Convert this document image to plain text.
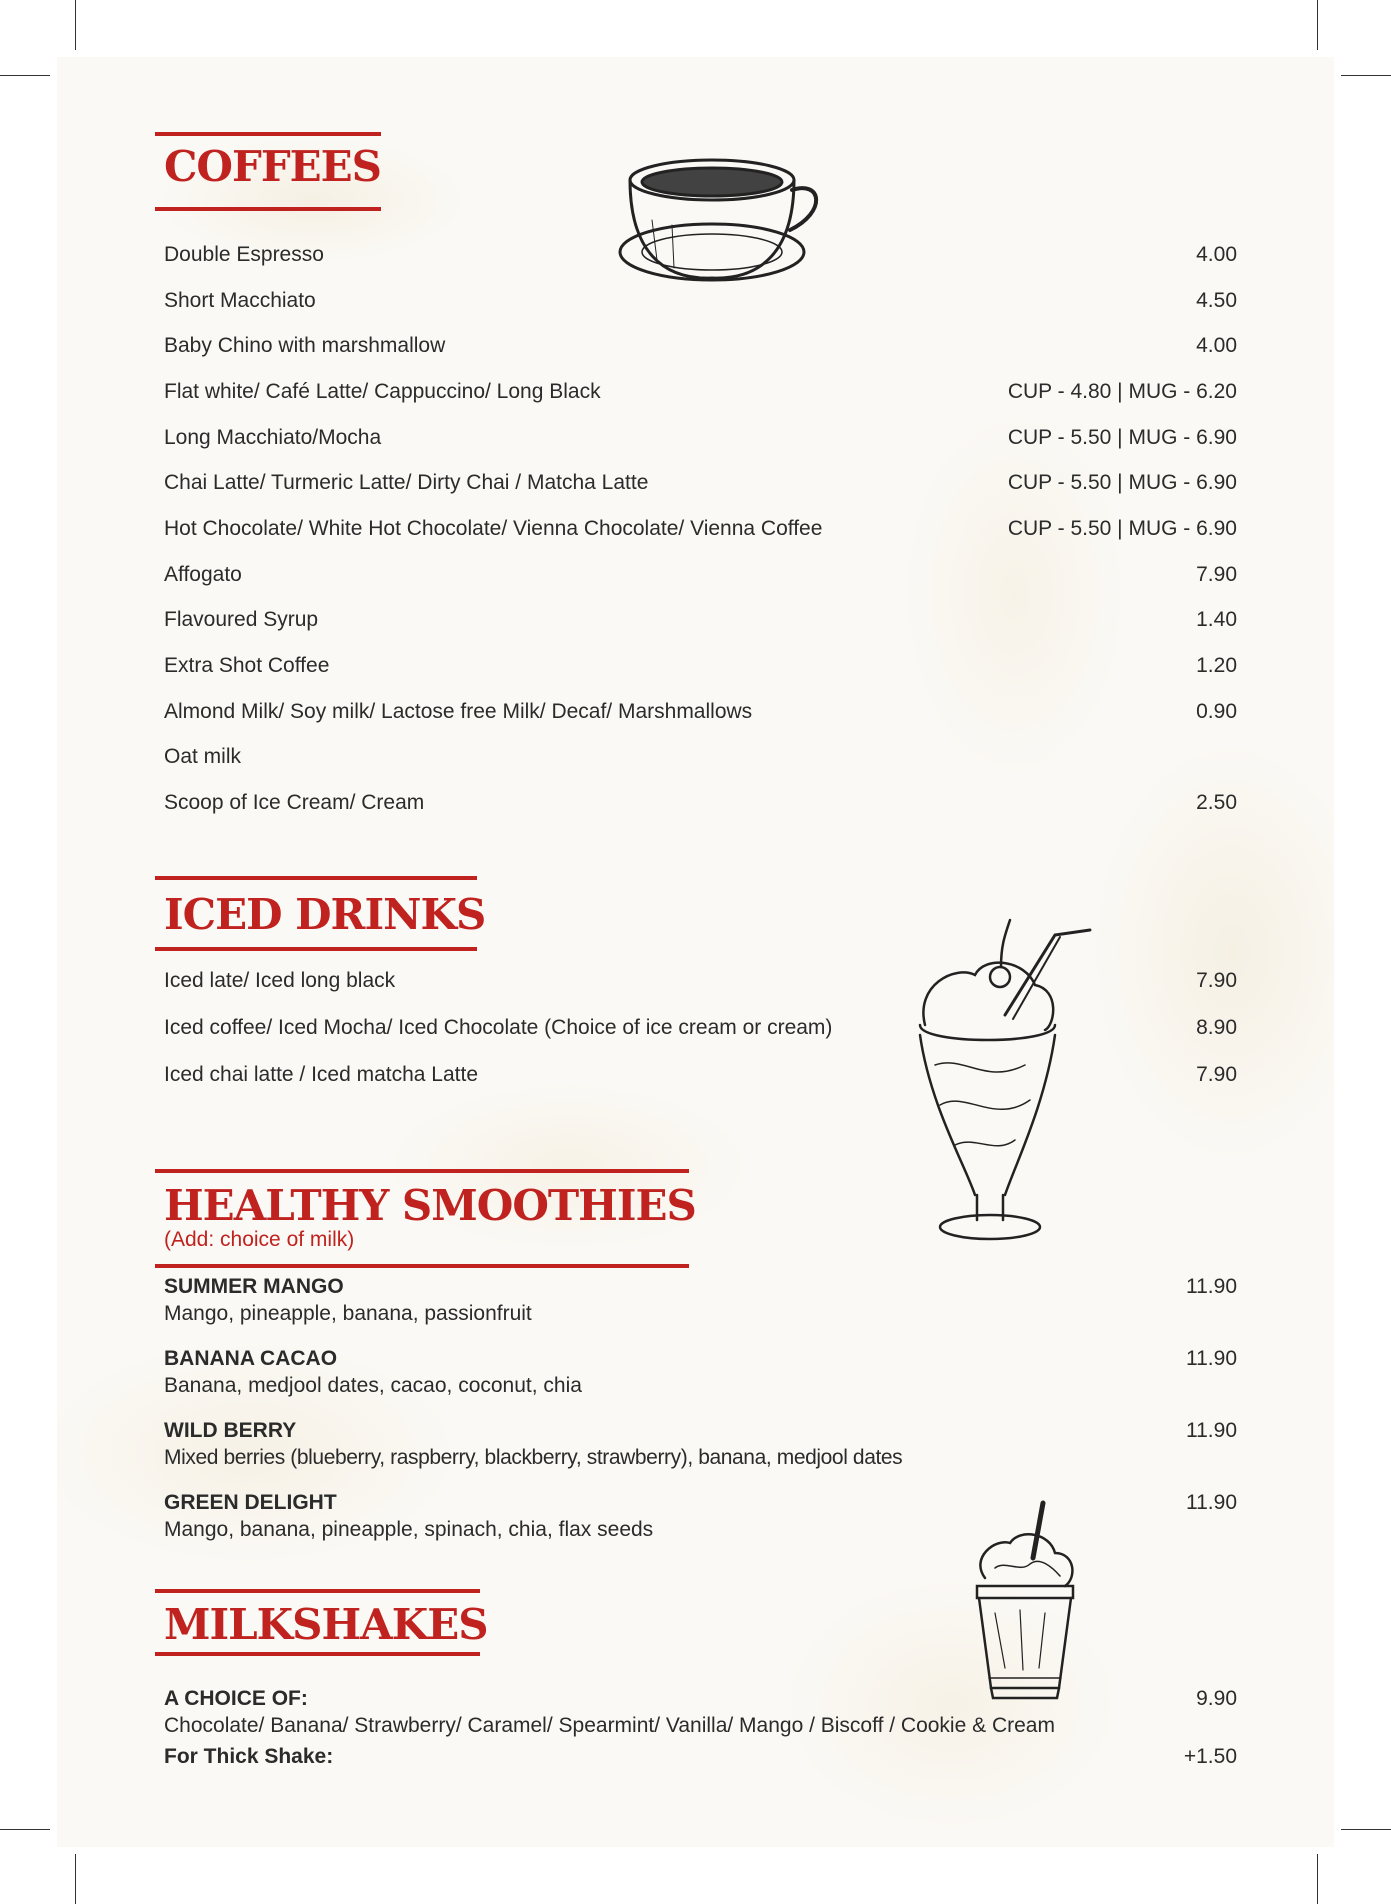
COFFEES
Double Espresso	4.00
Short Macchiato	4.50
Baby Chino with marshmallow	4.00
Flat white/ Café Latte/ Cappuccino/ Long Black	CUP - 4.80 | MUG - 6.20
Long Macchiato/Mocha	CUP - 5.50 | MUG - 6.90
Chai Latte/ Turmeric Latte/ Dirty Chai / Matcha Latte	CUP - 5.50 | MUG - 6.90
Hot Chocolate/ White Hot Chocolate/ Vienna Chocolate/ Vienna Coffee	CUP - 5.50 | MUG - 6.90
Affogato	7.90
Flavoured Syrup	1.40
Extra Shot Coffee	1.20
Almond Milk/ Soy milk/ Lactose free Milk/ Decaf/ Marshmallows	0.90
Oat milk
Scoop of Ice Cream/ Cream	2.50
ICED DRINKS
Iced late/ Iced long black	7.90
Iced coffee/ Iced Mocha/ Iced Chocolate (Choice of ice cream or cream)	8.90
Iced chai latte / Iced matcha Latte	7.90
HEALTHY SMOOTHIES
(Add: choice of milk)
SUMMER MANGO	11.90
Mango, pineapple, banana, passionfruit
BANANA CACAO	11.90
Banana, medjool dates, cacao, coconut, chia
WILD BERRY	11.90
Mixed berries (blueberry, raspberry, blackberry, strawberry), banana, medjool dates
GREEN DELIGHT	11.90
Mango, banana, pineapple, spinach, chia, flax seeds
MILKSHAKES
A CHOICE OF:	9.90
Chocolate/ Banana/ Strawberry/ Caramel/ Spearmint/ Vanilla/ Mango / Biscoff / Cookie & Cream
For Thick Shake:	+1.50
